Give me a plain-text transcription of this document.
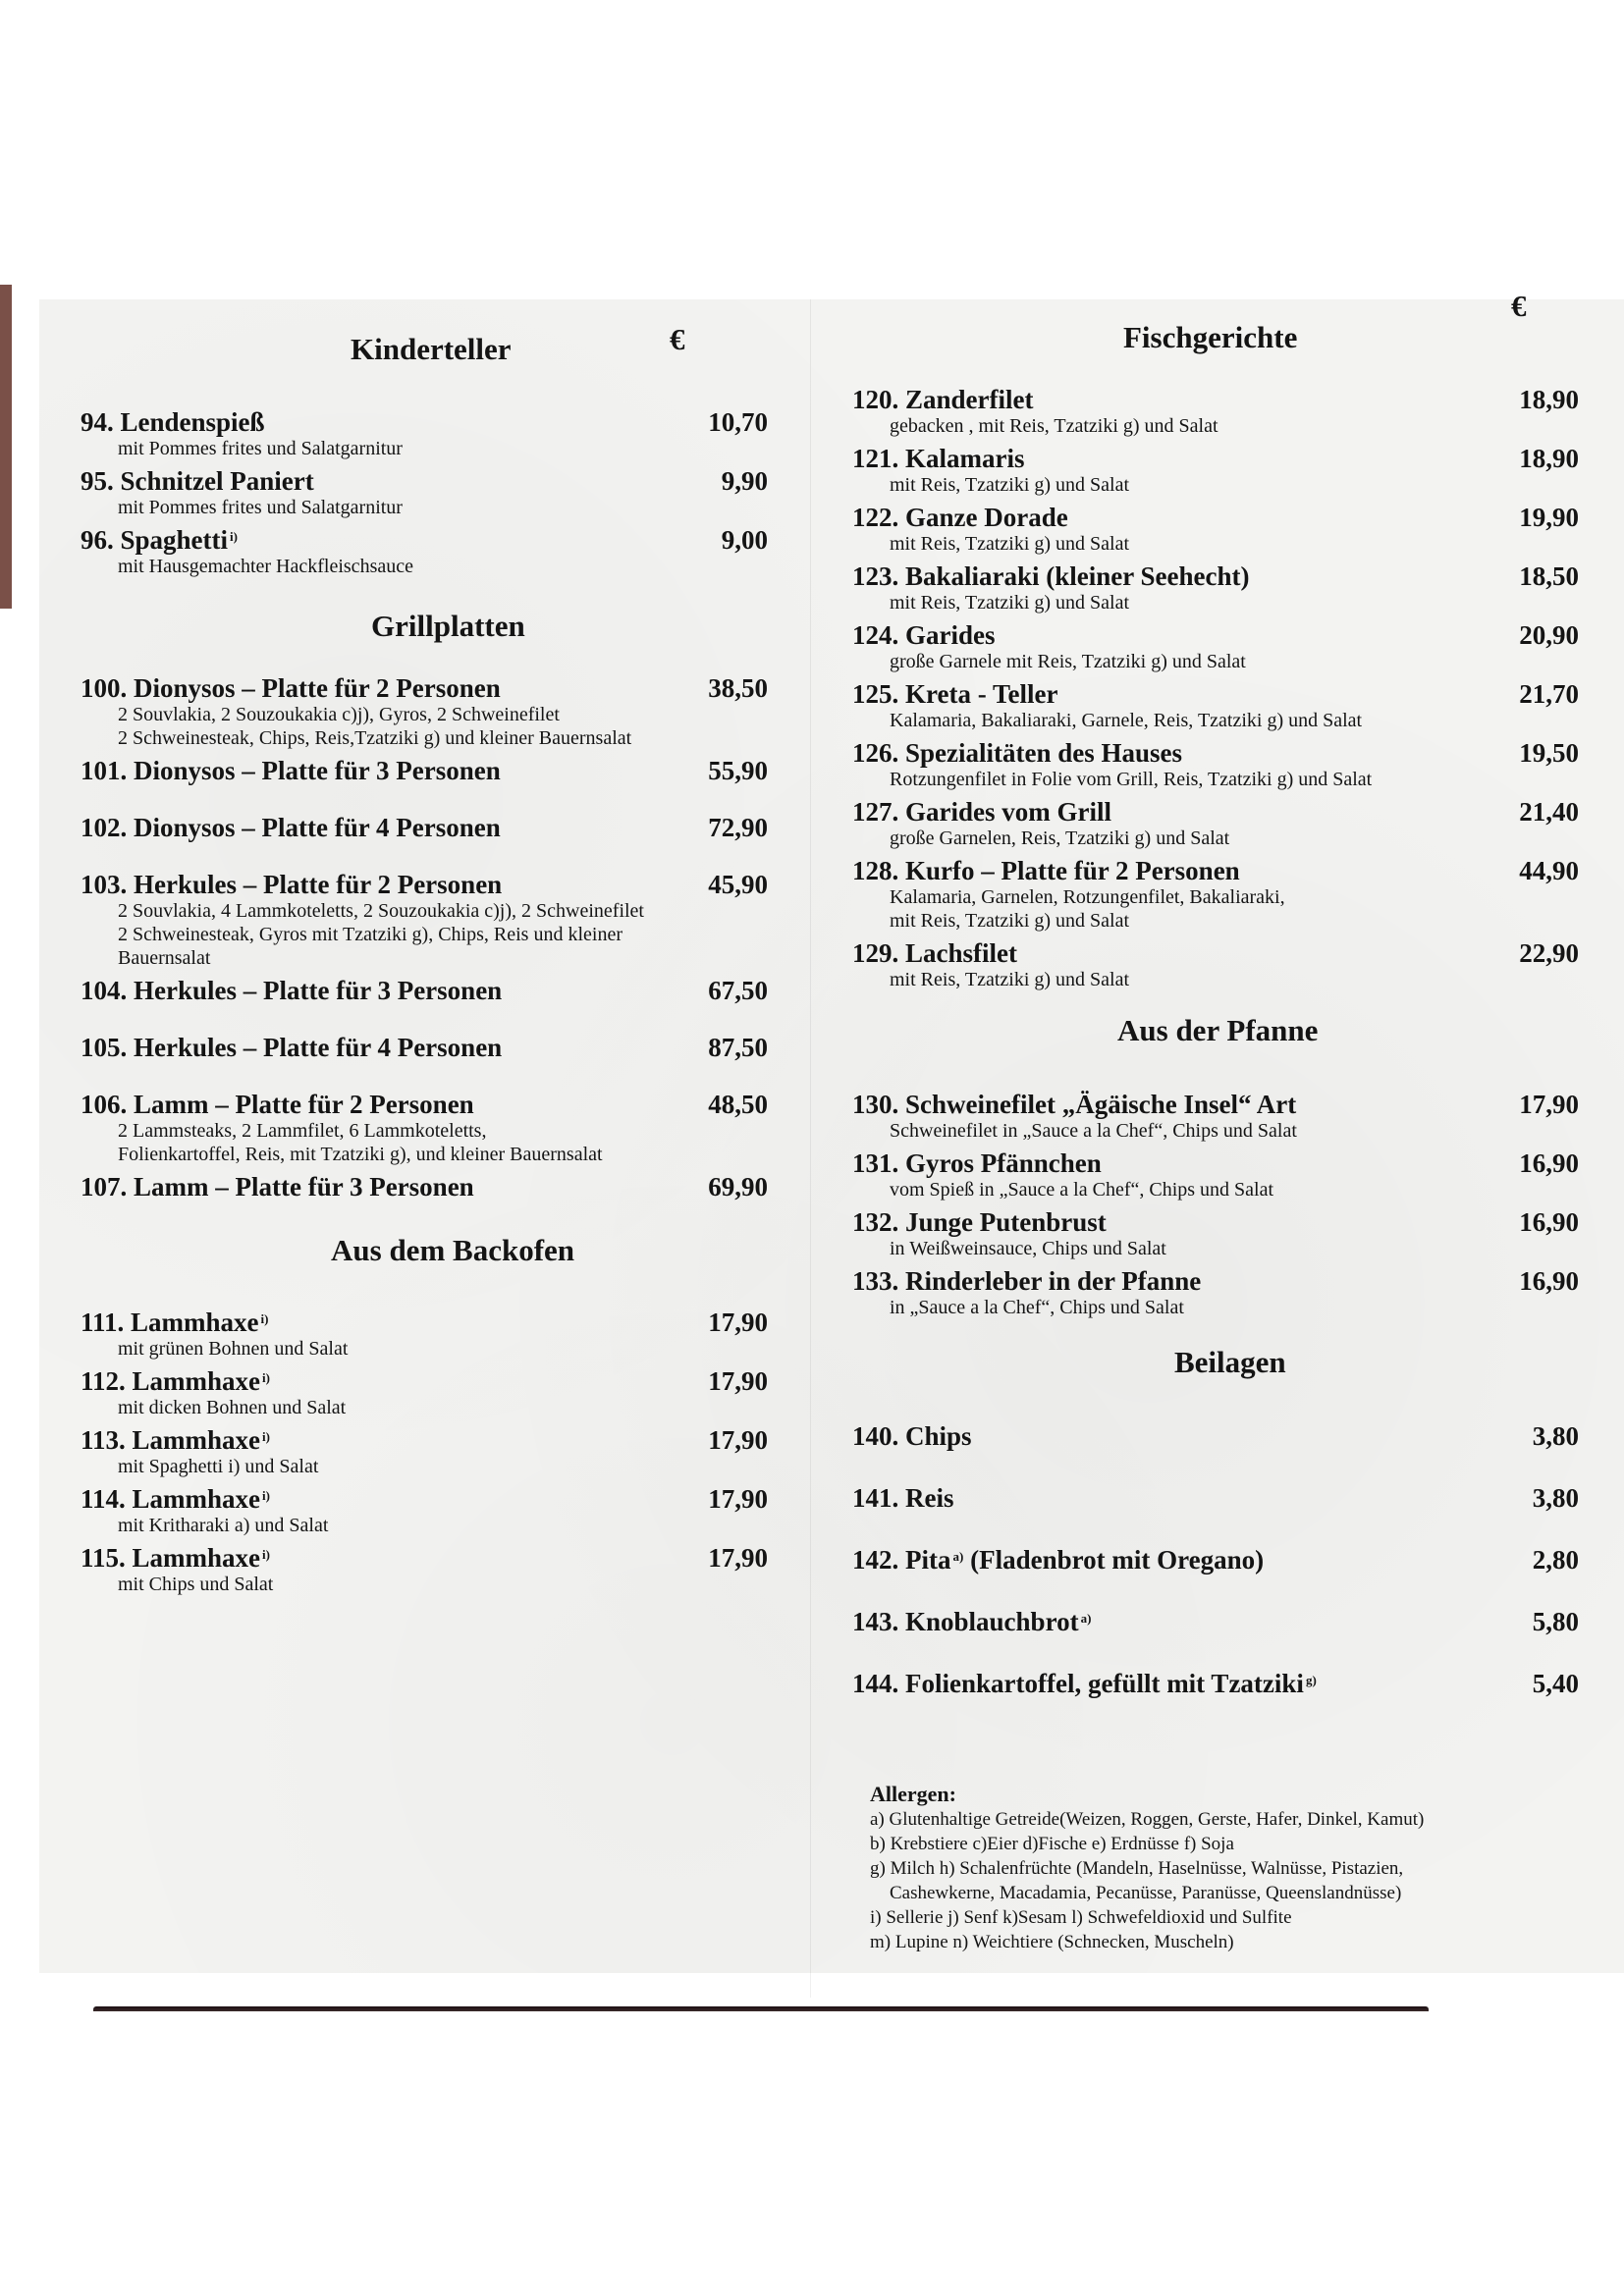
Kinderteller	€
94. Lendenspieß	10,70
mit Pommes frites und Salatgarnitur
95. Schnitzel Paniert	9,90
mit Pommes frites und Salatgarnitur
96. Spaghetti $^{i)}$	9,00
mit Hausgemachter Hackfleischsauce
Grillplatten
100. Dionysos – Platte für 2 Personen	38,50
2 Souvlakia, 2 Souzoukakia c)j), Gyros, 2 Schweinefilet
2 Schweinesteak, Chips, Reis,Tzatziki g) und kleiner Bauernsalat
101. Dionysos – Platte für 3 Personen	55,90
102. Dionysos – Platte für 4 Personen	72,90
103. Herkules – Platte für 2 Personen	45,90
2 Souvlakia, 4 Lammkoteletts, 2 Souzoukakia c)j), 2 Schweinefilet
2 Schweinesteak, Gyros mit Tzatziki g), Chips, Reis und kleiner
Bauernsalat
104. Herkules – Platte für 3 Personen	67,50
105. Herkules – Platte für 4 Personen	87,50
106. Lamm – Platte für 2 Personen	48,50
2 Lammsteaks, 2 Lammfilet, 6 Lammkoteletts,
Folienkartoffel, Reis, mit Tzatziki g), und kleiner Bauernsalat
107. Lamm – Platte für 3 Personen	69,90
Aus dem Backofen
111. Lammhaxe $^{i)}$	17,90
mit grünen Bohnen und Salat
112. Lammhaxe $^{i)}$	17,90
mit dicken Bohnen und Salat
113. Lammhaxe $^{i)}$	17,90
mit Spaghetti i) und Salat
114. Lammhaxe $^{i)}$	17,90
mit Kritharaki a) und Salat
115. Lammhaxe $^{i)}$	17,90
mit Chips und Salat
€
Fischgerichte
120. Zanderfilet	18,90
gebacken , mit Reis, Tzatziki g) und Salat
121. Kalamaris	18,90
mit Reis, Tzatziki g) und Salat
122. Ganze Dorade	19,90
mit Reis, Tzatziki g) und Salat
123. Bakaliaraki (kleiner Seehecht)	18,50
mit Reis, Tzatziki g) und Salat
124. Garides	20,90
große Garnele mit Reis, Tzatziki g) und Salat
125. Kreta - Teller	21,70
Kalamaria, Bakaliaraki, Garnele, Reis, Tzatziki g) und Salat
126. Spezialitäten des Hauses	19,50
Rotzungenfilet in Folie vom Grill, Reis, Tzatziki g) und Salat
127. Garides vom Grill	21,40
große Garnelen, Reis, Tzatziki g) und Salat
128. Kurfo – Platte für 2 Personen	44,90
Kalamaria, Garnelen, Rotzungenfilet, Bakaliaraki,
mit Reis, Tzatziki g) und Salat
129. Lachsfilet	22,90
mit Reis, Tzatziki g) und Salat
Aus der Pfanne
130. Schweinefilet „Ägäische Insel“ Art	17,90
Schweinefilet in „Sauce a la Chef“, Chips und Salat
131. Gyros Pfännchen	16,90
vom Spieß in „Sauce a la Chef“, Chips und Salat
132. Junge Putenbrust	16,90
in Weißweinsauce, Chips und Salat
133. Rinderleber in der Pfanne	16,90
in „Sauce a la Chef“, Chips und Salat
Beilagen
140. Chips	3,80
141. Reis	3,80
142. Pita $^{a)}$ (Fladenbrot mit Oregano)	2,80
143. Knoblauchbrot $^{a)}$	5,80
144. Folienkartoffel, gefüllt mit Tzatziki $^{g)}$	5,40
Allergen:
a) Glutenhaltige Getreide(Weizen, Roggen, Gerste, Hafer, Dinkel, Kamut)
b) Krebstiere c)Eier d)Fische e) Erdnüsse f) Soja
g) Milch h) Schalenfrüchte (Mandeln, Haselnüsse, Walnüsse, Pistazien,
Cashewkerne, Macadamia, Pecanüsse, Paranüsse, Queenslandnüsse)
i) Sellerie j) Senf k)Sesam l) Schwefeldioxid und Sulfite
m) Lupine n) Weichtiere (Schnecken, Muscheln)
